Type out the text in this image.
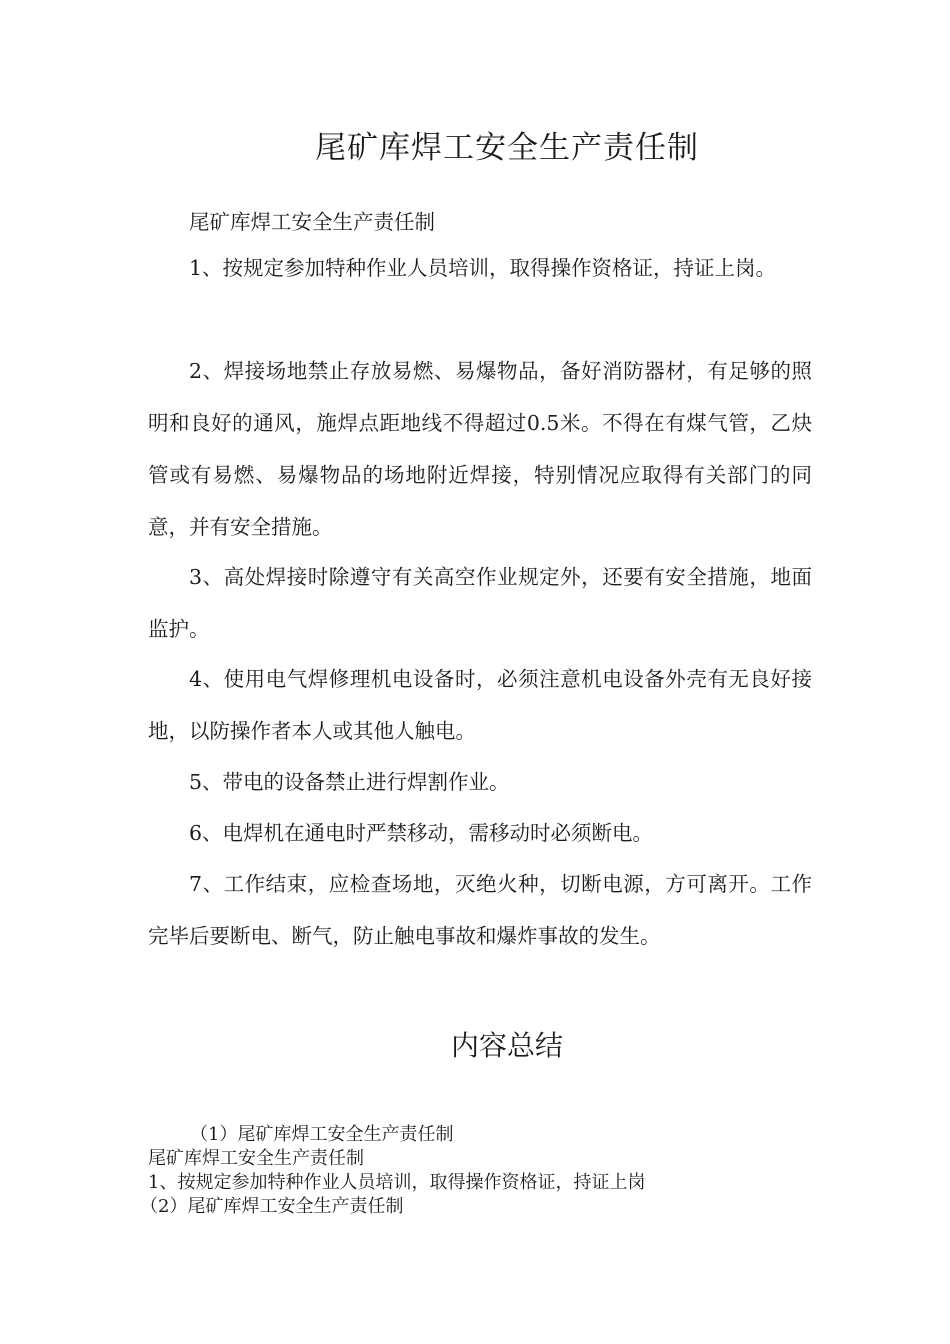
尾矿库焊工安全生产责任制

尾矿库焊工安全生产责任制

1、按规定参加特种作业人员培训，取得操作资格证，持证上岗。

2、焊接场地禁止存放易燃、易爆物品，备好消防器材，有足够的照明和良好的通风，施焊点距地线不得超过0.5米。不得在有煤气管，乙炔管或有易燃、易爆物品的场地附近焊接，特别情况应取得有关部门的同意，并有安全措施。

3、高处焊接时除遵守有关高空作业规定外，还要有安全措施，地面监护。

4、使用电气焊修理机电设备时，必须注意机电设备外壳有无良好接地，以防操作者本人或其他人触电。

5、带电的设备禁止进行焊割作业。

6、电焊机在通电时严禁移动，需移动时必须断电。

7、工作结束，应检查场地，灭绝火种，切断电源，方可离开。工作完毕后要断电、断气，防止触电事故和爆炸事故的发生。

内容总结

（1）尾矿库焊工安全生产责任制

尾矿库焊工安全生产责任制

1、按规定参加特种作业人员培训，取得操作资格证，持证上岗

（2）尾矿库焊工安全生产责任制
